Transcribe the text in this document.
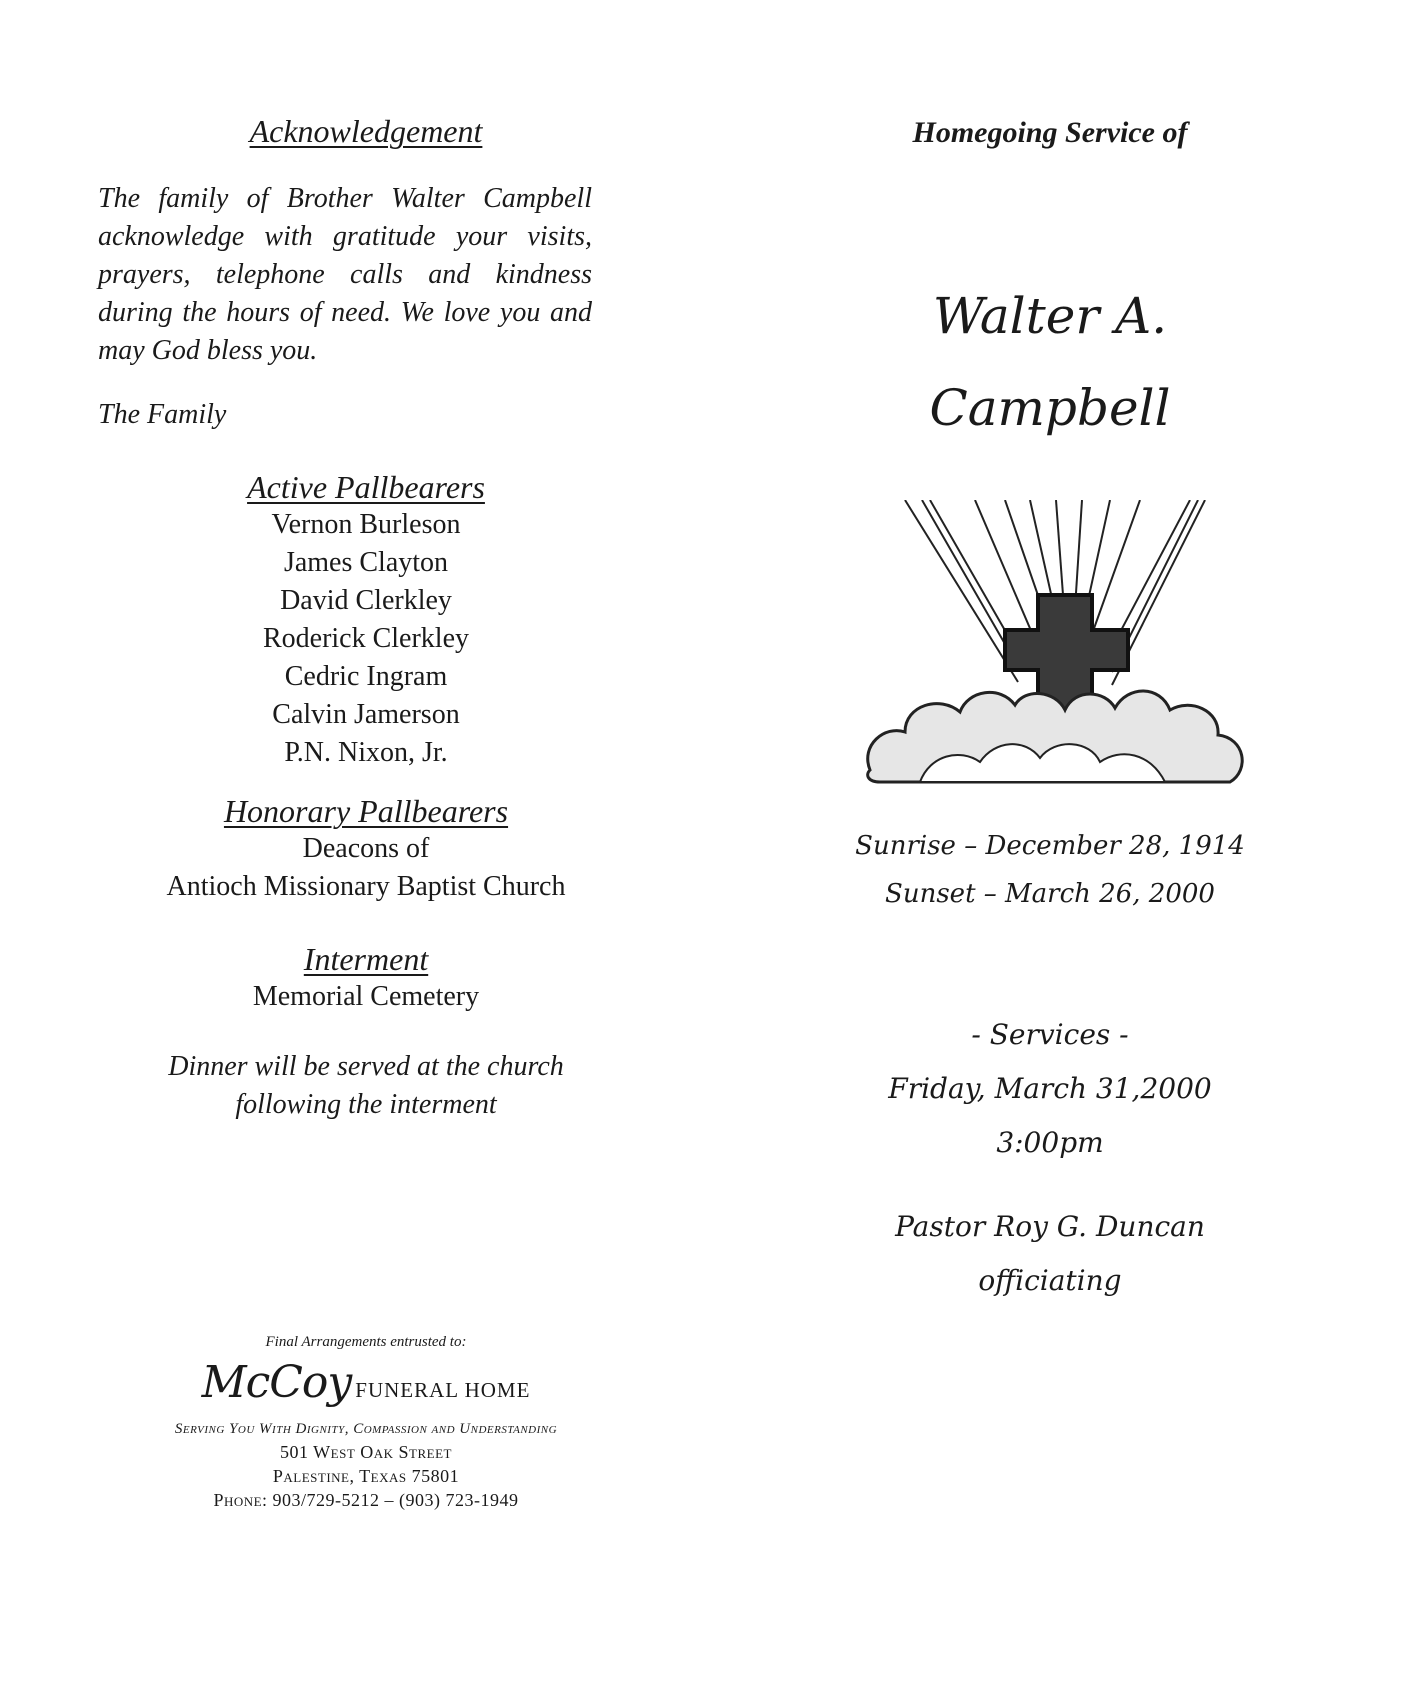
Acknowledgement

The family of Brother Walter Campbell acknowledge with gratitude your visits, prayers, telephone calls and kindness during the hours of need. We love you and may God bless you.

The Family

Active Pallbearers

Vernon Burleson

James Clayton

David Clerkley

Roderick Clerkley

Cedric Ingram

Calvin Jamerson

P.N. Nixon, Jr.

Honorary Pallbearers

Deacons of

Antioch Missionary Baptist Church

Interment

Memorial Cemetery

Dinner will be served at the church

following the interment

Final Arrangements entrusted to:
McCoy FUNERAL HOME
Serving You With Dignity, Compassion and Understanding
501 West Oak Street
Palestine, Texas 75801
Phone: 903/729-5212 – (903) 723-1949

Homegoing Service of

Walter A.
Campbell
Sunrise – December 28, 1914
Sunset – March 26, 2000
- Services -
Friday, March 31,2000
3:00pm
Pastor Roy G. Duncan
officiating
